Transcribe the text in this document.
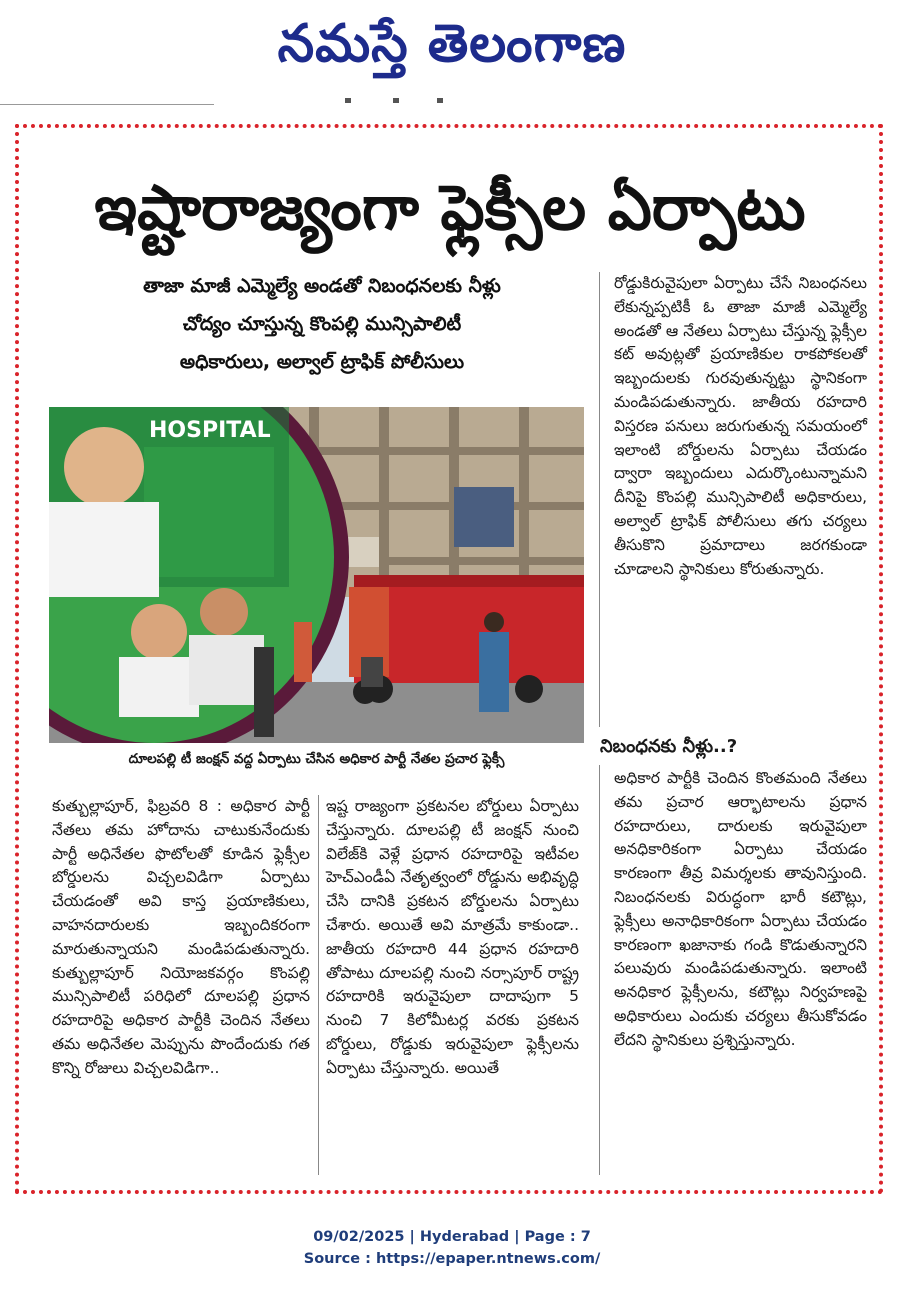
నమస్తే తెలంగాణ
ఇష్టారాజ్యంగా ఫ్లెక్సీల ఏర్పాటు
తాజా మాజీ ఎమ్మెల్యే అండతో నిబంధనలకు నీళ్లు
చోద్యం చూస్తున్న కొంపల్లి మున్సిపాలిటీ
అధికారులు, అల్వాల్ ట్రాఫిక్ పోలీసులు
HOSPITAL
దూలపల్లి టీ జంక్షన్ వద్ద ఏర్పాటు చేసిన అధికార పార్టీ నేతల ప్రచార ఫ్లెక్సీ

కుత్బుల్లాపూర్, ఫిబ్రవరి 8 : అధికార పార్టీ నేతలు తమ హోదాను చాటుకునేందుకు పార్టీ అధినేతల ఫొటోలతో కూడిన ఫ్లెక్సీల బోర్డులను విచ్చలవిడిగా ఏర్పాటు చేయడంతో అవి కాస్త ప్రయాణికులు, వాహనదారులకు ఇబ్బందికరంగా మారుతున్నాయని మండిపడుతున్నారు. కుత్బుల్లాపూర్ నియోజకవర్గం కొంపల్లి మున్సిపాలిటీ పరిధిలో దూలపల్లి ప్రధాన రహదారిపై అధికార పార్టీకి చెందిన నేతలు తమ అధినేతల మెప్పును పొందేందుకు గత కొన్ని రోజులు విచ్చలవిడిగా..

ఇష్ట రాజ్యంగా ప్రకటనల బోర్డులు ఏర్పాటు చేస్తున్నారు. దూలపల్లి టీ జంక్షన్ నుంచి విలేజ్‌కి వెళ్లే ప్రధాన రహదారిపై ఇటీవల హెచ్‌ఎండీఏ నేతృత్వంలో రోడ్డును అభివృద్ధి చేసి దానికి ప్రకటన బోర్డులను ఏర్పాటు చేశారు. అయితే అవి మాత్రమే కాకుండా.. జాతీయ రహదారి 44 ప్రధాన రహదారి తోపాటు దూలపల్లి నుంచి నర్సాపూర్ రాష్ట్ర రహదారికి ఇరువైపులా దాదాపుగా 5 నుంచి 7 కిలోమీటర్ల వరకు ప్రకటన బోర్డులు, రోడ్డుకు ఇరువైపులా ఫ్లెక్సీలను ఏర్పాటు చేస్తున్నారు. అయితే

రోడ్డుకిరువైపులా ఏర్పాటు చేసే నిబంధనలు లేకున్నప్పటికీ ఓ తాజా మాజీ ఎమ్మెల్యే అండతో ఆ నేతలు ఏర్పాటు చేస్తున్న ఫ్లెక్సీల కట్ అవుట్లతో ప్రయాణికుల రాకపోకలతో ఇబ్బందులకు గురవుతున్నట్టు స్థానికంగా మండిపడుతున్నారు. జాతీయ రహదారి విస్తరణ పనులు జరుగుతున్న సమయంలో ఇలాంటి బోర్డులను ఏర్పాటు చేయడం ద్వారా ఇబ్బందులు ఎదుర్కొంటున్నామని దీనిపై కొంపల్లి మున్సిపాలిటీ అధికారులు, అల్వాల్ ట్రాఫిక్ పోలీసులు తగు చర్యలు తీసుకొని ప్రమాదాలు జరగకుండా చూడాలని స్థానికులు కోరుతున్నారు.

నిబంధనకు నీళ్లు..?

అధికార పార్టీకి చెందిన కొంతమంది నేతలు తమ ప్రచార ఆర్భాటాలను ప్రధాన రహదారులు, దారులకు ఇరువైపులా అనధికారికంగా ఏర్పాటు చేయడం కారణంగా తీవ్ర విమర్శలకు తావునిస్తుంది. నిబంధనలకు విరుద్ధంగా భారీ కటౌట్లు, ఫ్లెక్సీలు అనాధికారికంగా ఏర్పాటు చేయడం కారణంగా ఖజానాకు గండి కొడుతున్నారని పలువురు మండిపడుతున్నారు. ఇలాంటి అనధికార ఫ్లెక్సీలను, కటౌట్లు నిర్వహణపై అధికారులు ఎందుకు చర్యలు తీసుకోవడం లేదని స్థానికులు ప్రశ్నిస్తున్నారు.

09/02/2025 | Hyderabad | Page : 7
Source : https://epaper.ntnews.com/
